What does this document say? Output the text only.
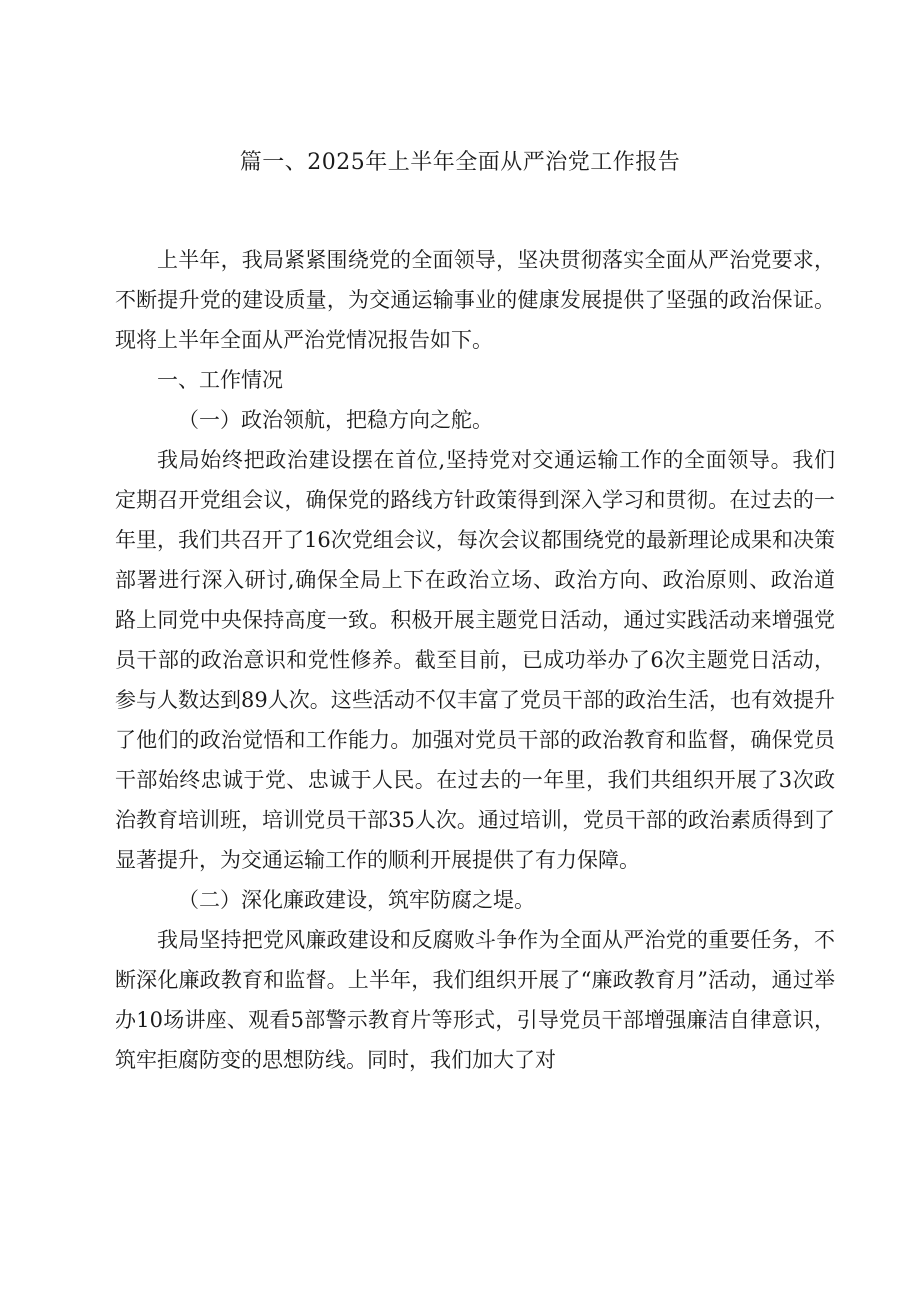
篇一、2025年上半年全面从严治党工作报告

上半年，我局紧紧围绕党的全面领导，坚决贯彻落实全面从严治党要求，不断提升党的建设质量，为交通运输事业的健康发展提供了坚强的政治保证。现将上半年全面从严治党情况报告如下。

一、工作情况

（一）政治领航，把稳方向之舵。

我局始终把政治建设摆在首位,坚持党对交通运输工作的全面领导。我们定期召开党组会议，确保党的路线方针政策得到深入学习和贯彻。在过去的一年里，我们共召开了16次党组会议，每次会议都围绕党的最新理论成果和决策部署进行深入研讨,确保全局上下在政治立场、政治方向、政治原则、政治道路上同党中央保持高度一致。积极开展主题党日活动，通过实践活动来增强党员干部的政治意识和党性修养。截至目前，已成功举办了6次主题党日活动，参与人数达到89人次。这些活动不仅丰富了党员干部的政治生活，也有效提升了他们的政治觉悟和工作能力。加强对党员干部的政治教育和监督，确保党员干部始终忠诚于党、忠诚于人民。在过去的一年里，我们共组织开展了3次政治教育培训班，培训党员干部35人次。通过培训，党员干部的政治素质得到了显著提升，为交通运输工作的顺利开展提供了有力保障。

（二）深化廉政建设，筑牢防腐之堤。

我局坚持把党风廉政建设和反腐败斗争作为全面从严治党的重要任务，不断深化廉政教育和监督。上半年，我们组织开展了“廉政教育月”活动，通过举办10场讲座、观看5部警示教育片等形式，引导党员干部增强廉洁自律意识，筑牢拒腐防变的思想防线。同时，我们加大了对
